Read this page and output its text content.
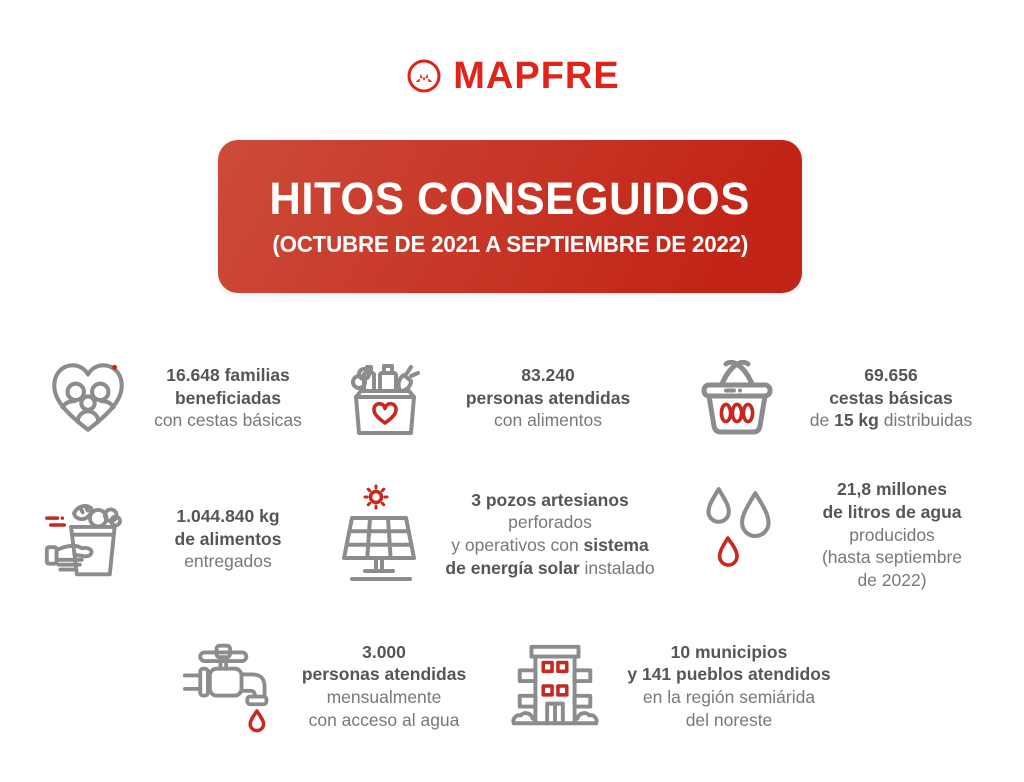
MAPFRE
HITOS CONSEGUIDOS
(OCTUBRE DE 2021 A SEPTIEMBRE DE 2022)
16.648 familias
beneficiadas
con cestas básicas
83.240
personas atendidas
con alimentos
69.656
cestas básicas
de 15 kg distribuidas
1.044.840 kg
de alimentos
entregados
3 pozos artesianos
perforados
y operativos con sistema
de energía solar instalado
21,8 millones
de litros de agua
producidos
(hasta septiembre
de 2022)
3.000
personas atendidas
mensualmente
con acceso al agua
10 municipios
y 141 pueblos atendidos
en la región semiárida
del noreste
